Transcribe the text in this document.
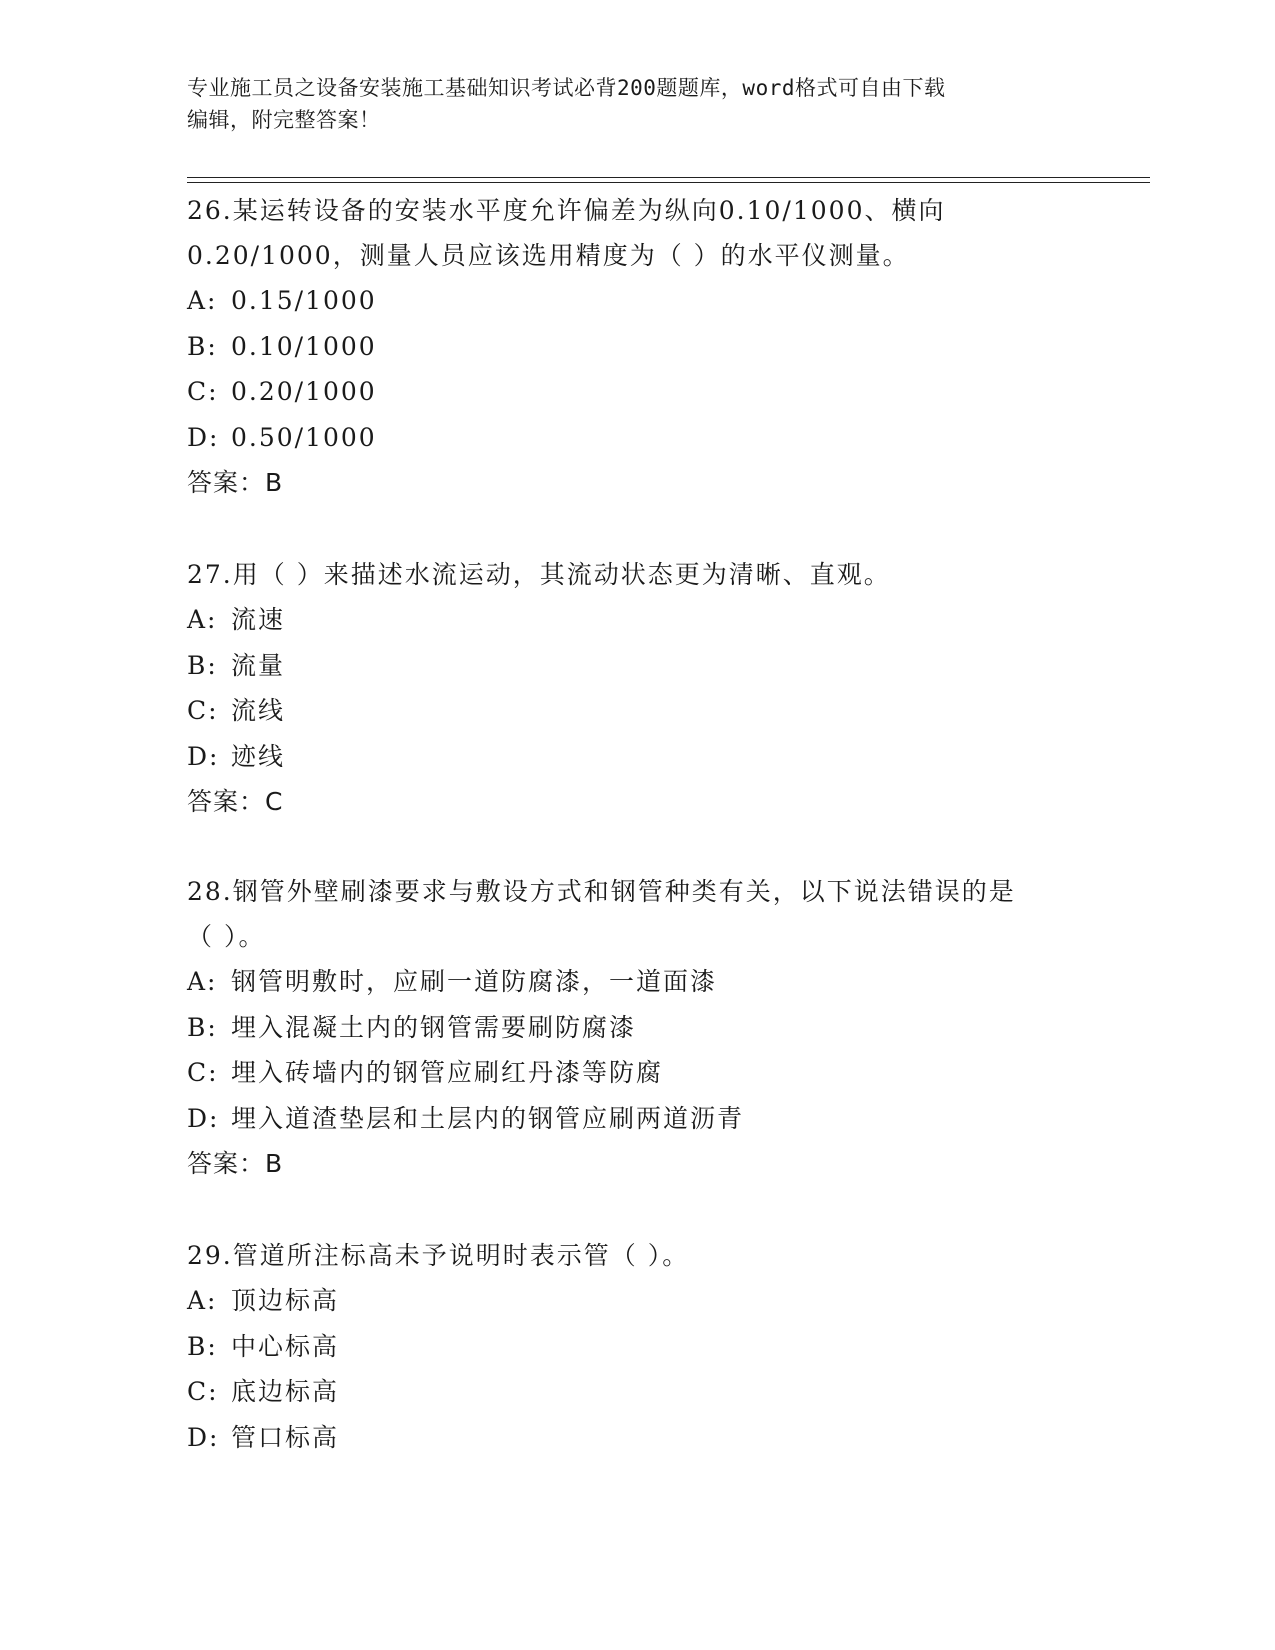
专业施工员之设备安装施工基础知识考试必背200题题库，word格式可自由下载
编辑，附完整答案！
26.某运转设备的安装水平度允许偏差为纵向0.10/1000、横向
0.20/1000，测量人员应该选用精度为（ ）的水平仪测量。
A: 0.15/1000
B: 0.10/1000
C: 0.20/1000
D: 0.50/1000
答案：B
27.用（ ）来描述水流运动，其流动状态更为清晰、直观。
A: 流速
B: 流量
C: 流线
D: 迹线
答案：C
28.钢管外壁刷漆要求与敷设方式和钢管种类有关，以下说法错误的是
（ ）。
A: 钢管明敷时，应刷一道防腐漆，一道面漆
B: 埋入混凝土内的钢管需要刷防腐漆
C: 埋入砖墙内的钢管应刷红丹漆等防腐
D: 埋入道渣垫层和土层内的钢管应刷两道沥青
答案：B
29.管道所注标高未予说明时表示管（ ）。
A: 顶边标高
B: 中心标高
C: 底边标高
D: 管口标高
